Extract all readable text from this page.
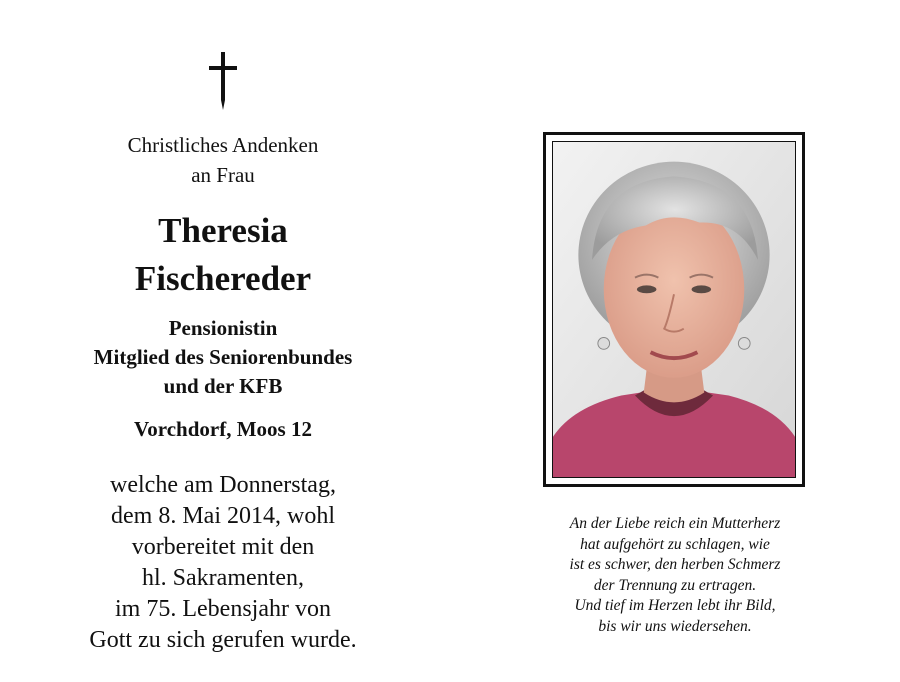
Christliches Andenken
an Frau
Theresia
Fischereder
Pensionistin
Mitglied des Seniorenbundes
und der KFB
Vorchdorf, Moos 12
welche am Donnerstag,
dem 8. Mai 2014, wohl
vorbereitet mit den
hl. Sakramenten,
im 75. Lebensjahr von
Gott zu sich gerufen wurde.
An der Liebe reich ein Mutterherz
hat aufgehört zu schlagen, wie
ist es schwer, den herben Schmerz
der Trennung zu ertragen.
Und tief im Herzen lebt ihr Bild,
bis wir uns wiedersehen.
